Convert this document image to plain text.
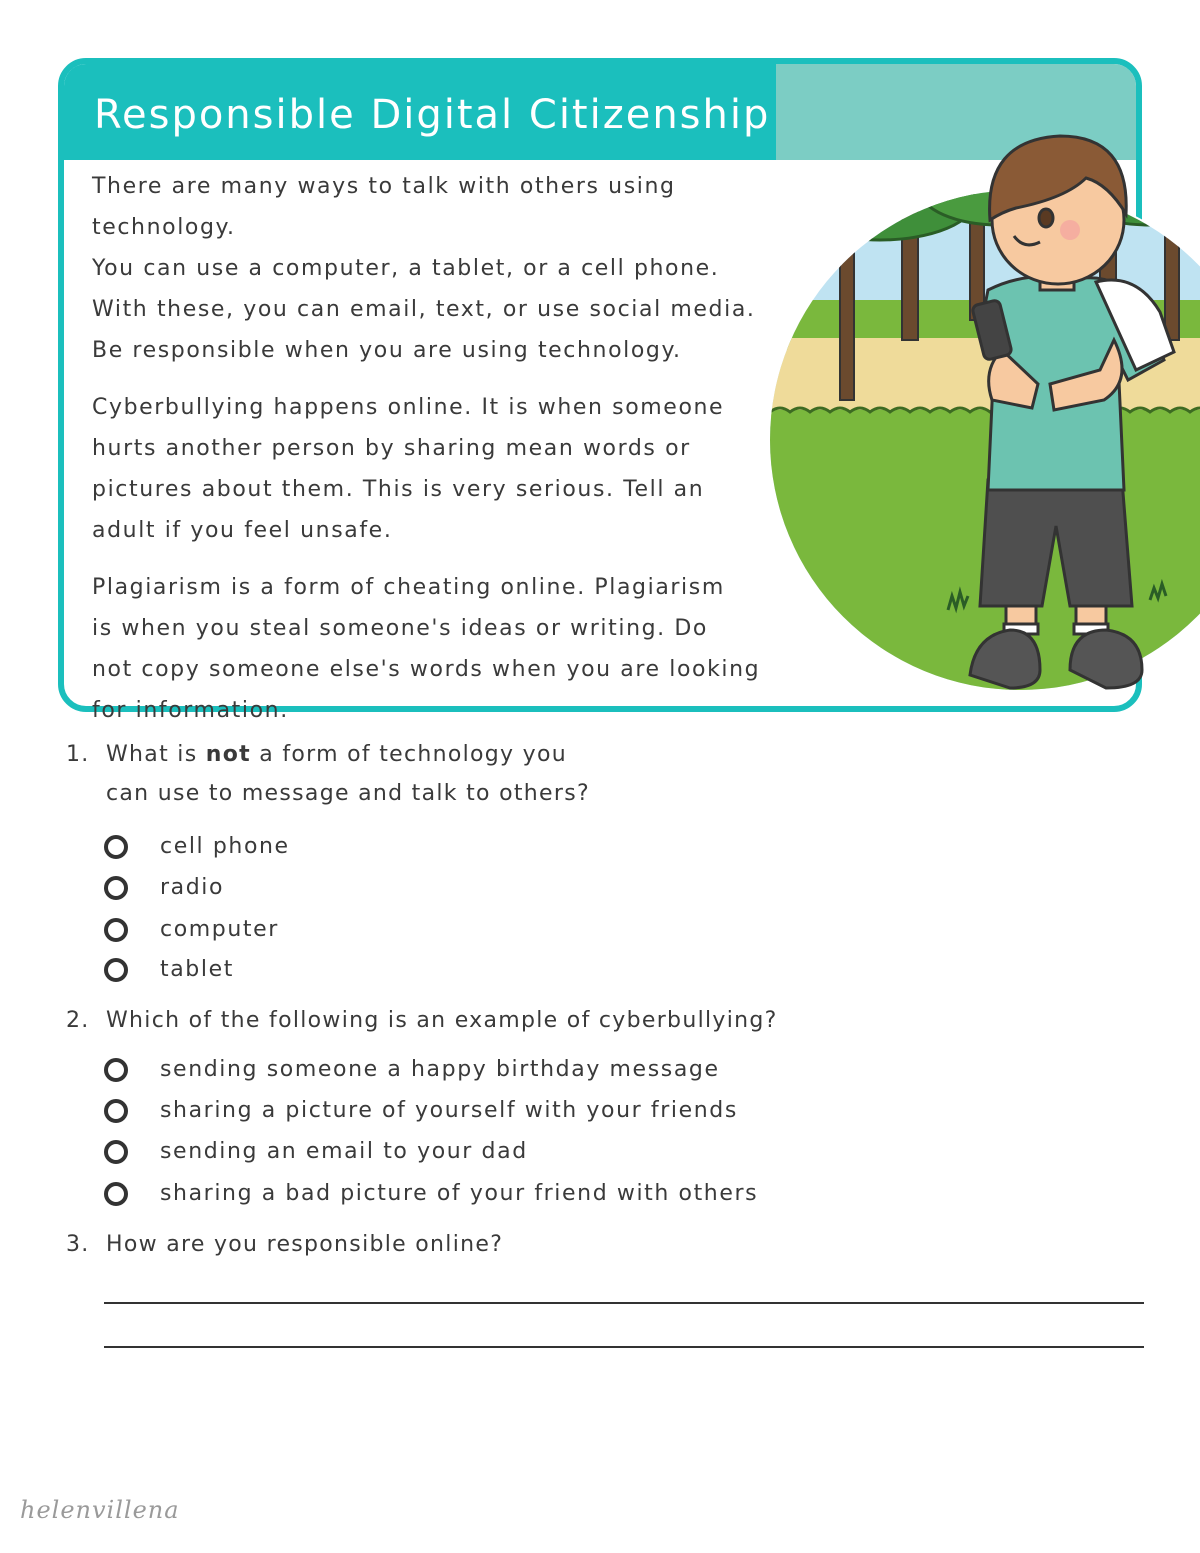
Responsible Digital Citizenship

There are many ways to talk with others using technology.
You can use a computer, a tablet, or a cell phone.
With these, you can email, text, or use social media.
Be responsible when you are using technology.

Cyberbullying happens online. It is when someone
hurts another person by sharing mean words or
pictures about them. This is very serious. Tell an
adult if you feel unsafe.

Plagiarism is a form of cheating online. Plagiarism
is when you steal someone's ideas or writing. Do
not copy someone else's words when you are looking
for information.

1. What is not a form of technology you
can use to message and talk to others?
cell phone
radio
computer
tablet
2. Which of the following is an example of cyberbullying?
sending someone a happy birthday message
sharing a picture of yourself with your friends
sending an email to your dad
sharing a bad picture of your friend with others
3. How are you responsible online?
helenvillena
